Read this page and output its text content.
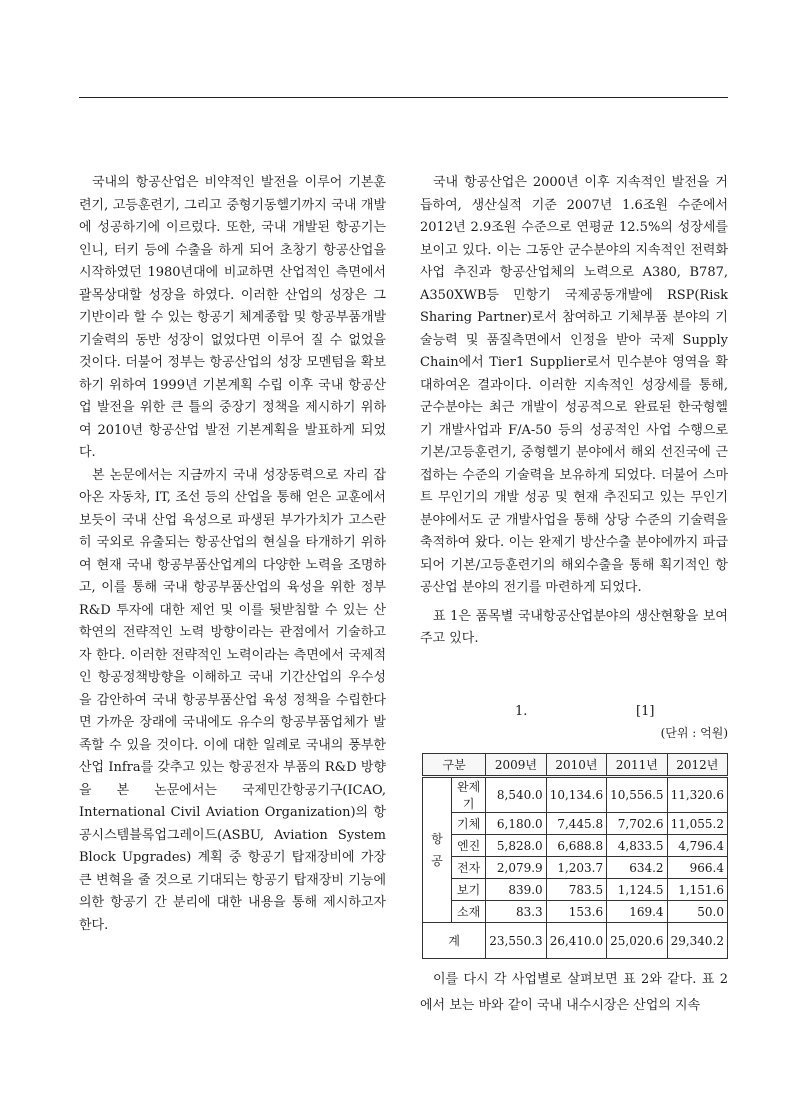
국내의 항공산업은 비약적인 발전을 이루어 기본훈련기, 고등훈련기, 그리고 중형기동헬기까지 국내 개발에 성공하기에 이르렀다. 또한, 국내 개발된 항공기는 인니, 터키 등에 수출을 하게 되어 초창기 항공산업을 시작하였던 1980년대에 비교하면 산업적인 측면에서 괄목상대할 성장을 하였다. 이러한 산업의 성장은 그 기반이라 할 수 있는 항공기 체계종합 및 항공부품개발 기술력의 동반 성장이 없었다면 이루어 질 수 없었을 것이다. 더불어 정부는 항공산업의 성장 모멘텀을 확보하기 위하여 1999년 기본계획 수립 이후 국내 항공산업 발전을 위한 큰 틀의 중장기 정책을 제시하기 위하여 2010년 항공산업 발전 기본계획을 발표하게 되었다.

본 논문에서는 지금까지 국내 성장동력으로 자리 잡아온 자동차, IT, 조선 등의 산업을 통해 얻은 교훈에서 보듯이 국내 산업 육성으로 파생된 부가가치가 고스란히 국외로 유출되는 항공산업의 현실을 타개하기 위하여 현재 국내 항공부품산업계의 다양한 노력을 조명하고, 이를 통해 국내 항공부품산업의 육성을 위한 정부 R&D 투자에 대한 제언 및 이를 뒷받침할 수 있는 산학연의 전략적인 노력 방향이라는 관점에서 기술하고자 한다. 이러한 전략적인 노력이라는 측면에서 국제적인 항공정책방향을 이해하고 국내 기간산업의 우수성을 감안하여 국내 항공부품산업 육성 정책을 수립한다면 가까운 장래에 국내에도 유수의 항공부품업체가 발족할 수 있을 것이다. 이에 대한 일례로 국내의 풍부한 산업 Infra를 갖추고 있는 항공전자 부품의 R&D 방향을 본 논문에서는 국제민간항공기구(ICAO, International Civil Aviation Organization)의 항공시스템블록업그레이드(ASBU, Aviation System Block Upgrades) 계획 중 항공기 탑재장비에 가장 큰 변혁을 줄 것으로 기대되는 항공기 탑재장비 기능에 의한 항공기 간 분리에 대한 내용을 통해 제시하고자 한다.

국내 항공산업은 2000년 이후 지속적인 발전을 거듭하여, 생산실적 기준 2007년 1.6조원 수준에서 2012년 2.9조원 수준으로 연평균 12.5%의 성장세를 보이고 있다. 이는 그동안 군수분야의 지속적인 전력화 사업 추진과 항공산업체의 노력으로 A380, B787, A350XWB등 민항기 국제공동개발에 RSP(Risk Sharing Partner)로서 참여하고 기체부품 분야의 기술능력 및 품질측면에서 인정을 받아 국제 Supply Chain에서 Tier1 Supplier로서 민수분야 영역을 확대하여온 결과이다. 이러한 지속적인 성장세를 통해, 군수분야는 최근 개발이 성공적으로 완료된 한국형헬기 개발사업과 F/A-50 등의 성공적인 사업 수행으로 기본/고등훈련기, 중형헬기 분야에서 해외 선진국에 근접하는 수준의 기술력을 보유하게 되었다. 더불어 스마트 무인기의 개발 성공 및 현재 추진되고 있는 무인기 분야에서도 군 개발사업을 통해 상당 수준의 기술력을 축적하여 왔다. 이는 완제기 방산수출 분야에까지 파급되어 기본/고등훈련기의 해외수출을 통해 획기적인 항공산업 분야의 전기를 마련하게 되었다.

표 1은 품목별 국내항공산업분야의 생산현황을 보여주고 있다.

1.	[1]
(단위 : 억원)
구분		2009년	2010년	2011년	2012년
항공	완제기	8,540.0	10,134.6	10,556.5	11,320.6
	기체	6,180.0	7,445.8	7,702.6	11,055.2
	엔진	5,828.0	6,688.8	4,833.5	4,796.4
	전자	2,079.9	1,203.7	634.2	966.4
	보기	839.0	783.5	1,124.5	1,151.6
	소재	83.3	153.6	169.4	50.0
계		23,550.3	26,410.0	25,020.6	29,340.2

이를 다시 각 사업별로 살펴보면 표 2와 같다. 표 2에서 보는 바와 같이 국내 내수시장은 산업의 지속
